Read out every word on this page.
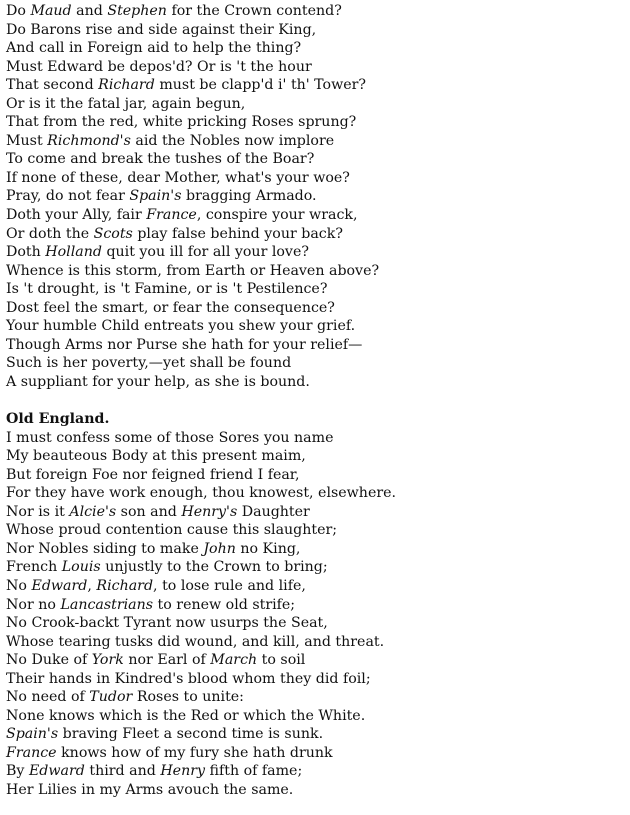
Do Maud and Stephen for the Crown contend?
Do Barons rise and side against their King,
And call in Foreign aid to help the thing?
Must Edward be depos'd? Or is 't the hour
That second Richard must be clapp'd i' th' Tower?
Or is it the fatal jar, again begun,
That from the red, white pricking Roses sprung?
Must Richmond's aid the Nobles now implore
To come and break the tushes of the Boar?
If none of these, dear Mother, what's your woe?
Pray, do not fear Spain's bragging Armado.
Doth your Ally, fair France, conspire your wrack,
Or doth the Scots play false behind your back?
Doth Holland quit you ill for all your love?
Whence is this storm, from Earth or Heaven above?
Is 't drought, is 't Famine, or is 't Pestilence?
Dost feel the smart, or fear the consequence?
Your humble Child entreats you shew your grief.
Though Arms nor Purse she hath for your relief—
Such is her poverty,—yet shall be found
A suppliant for your help, as she is bound.
Old England.
I must confess some of those Sores you name
My beauteous Body at this present maim,
But foreign Foe nor feigned friend I fear,
For they have work enough, thou knowest, elsewhere.
Nor is it Alcie's son and Henry's Daughter
Whose proud contention cause this slaughter;
Nor Nobles siding to make John no King,
French Louis unjustly to the Crown to bring;
No Edward, Richard, to lose rule and life,
Nor no Lancastrians to renew old strife;
No Crook-backt Tyrant now usurps the Seat,
Whose tearing tusks did wound, and kill, and threat.
No Duke of York nor Earl of March to soil
Their hands in Kindred's blood whom they did foil;
No need of Tudor Roses to unite:
None knows which is the Red or which the White.
Spain's braving Fleet a second time is sunk.
France knows how of my fury she hath drunk
By Edward third and Henry fifth of fame;
Her Lilies in my Arms avouch the same.
